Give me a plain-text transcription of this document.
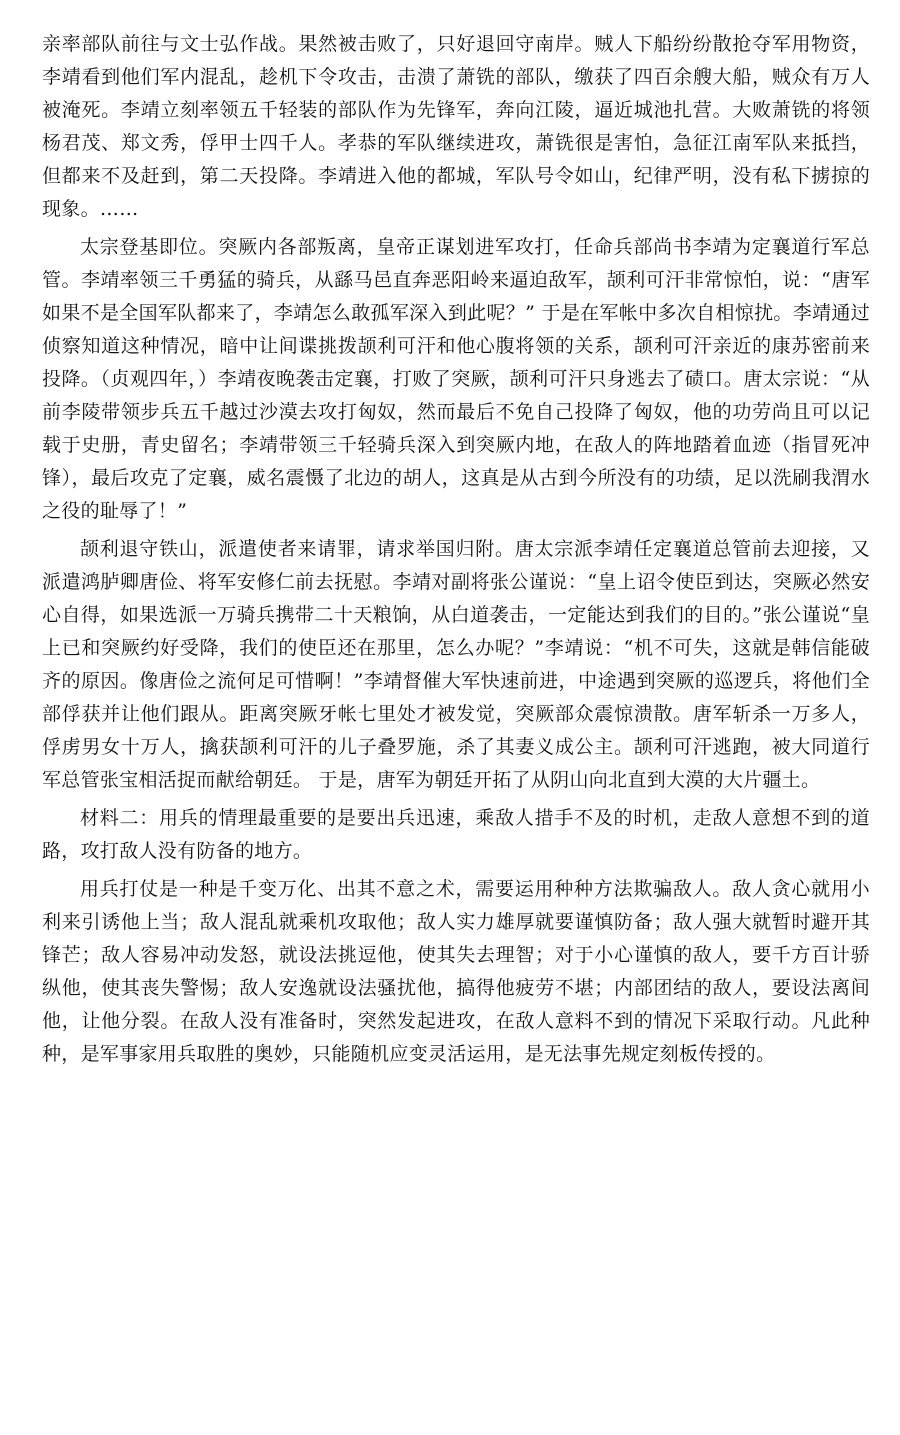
亲率部队前往与文士弘作战。果然被击败了，只好退回守南岸。贼人下船纷纷散抢夺军用物资，李靖看到他们军内混乱，趁机下令攻击，击溃了萧铣的部队，缴获了四百余艘大船，贼众有万人被淹死。李靖立刻率领五千轻装的部队作为先锋军，奔向江陵，逼近城池扎营。大败萧铣的将领杨君茂、郑文秀，俘甲士四千人。孝恭的军队继续进攻，萧铣很是害怕，急征江南军队来抵挡，但都来不及赶到，第二天投降。李靖进入他的都城，军队号令如山，纪律严明，没有私下掳掠的现象。……

太宗登基即位。突厥内各部叛离，皇帝正谋划进军攻打，任命兵部尚书李靖为定襄道行军总管。李靖率领三千勇猛的骑兵，从繇马邑直奔恶阳岭来逼迫敌军，颉利可汗非常惊怕，说：“唐军如果不是全国军队都来了，李靖怎么敢孤军深入到此呢？” 于是在军帐中多次自相惊扰。李靖通过侦察知道这种情况，暗中让间谍挑拨颉利可汗和他心腹将领的关系，颉利可汗亲近的康苏密前来投降。（贞观四年，）李靖夜晚袭击定襄，打败了突厥，颉利可汗只身逃去了碛口。唐太宗说：“从前李陵带领步兵五千越过沙漠去攻打匈奴，然而最后不免自己投降了匈奴，他的功劳尚且可以记载于史册，青史留名；李靖带领三千轻骑兵深入到突厥内地，在敌人的阵地踏着血迹（指冒死冲锋），最后攻克了定襄，威名震慑了北边的胡人，这真是从古到今所没有的功绩，足以洗刷我渭水之役的耻辱了！”

颉利退守铁山，派遣使者来请罪，请求举国归附。唐太宗派李靖任定襄道总管前去迎接，又派遣鸿胪卿唐俭、将军安修仁前去抚慰。李靖对副将张公谨说：“皇上诏令使臣到达，突厥必然安心自得，如果选派一万骑兵携带二十天粮饷，从白道袭击，一定能达到我们的目的。”张公谨说“皇上已和突厥约好受降，我们的使臣还在那里，怎么办呢？”李靖说：“机不可失，这就是韩信能破齐的原因。像唐俭之流何足可惜啊！”李靖督催大军快速前进，中途遇到突厥的巡逻兵，将他们全部俘获并让他们跟从。距离突厥牙帐七里处才被发觉，突厥部众震惊溃散。唐军斩杀一万多人，俘虏男女十万人，擒获颉利可汗的儿子叠罗施，杀了其妻义成公主。颉利可汗逃跑，被大同道行军总管张宝相活捉而献给朝廷。 于是，唐军为朝廷开拓了从阴山向北直到大漠的大片疆土。

材料二：用兵的情理最重要的是要出兵迅速，乘敌人措手不及的时机，走敌人意想不到的道路，攻打敌人没有防备的地方。

用兵打仗是一种是千变万化、出其不意之术，需要运用种种方法欺骗敌人。敌人贪心就用小利来引诱他上当；敌人混乱就乘机攻取他；敌人实力雄厚就要谨慎防备；敌人强大就暂时避开其锋芒；敌人容易冲动发怒，就设法挑逗他，使其失去理智；对于小心谨慎的敌人，要千方百计骄纵他，使其丧失警惕；敌人安逸就设法骚扰他，搞得他疲劳不堪；内部团结的敌人，要设法离间他，让他分裂。在敌人没有准备时，突然发起进攻，在敌人意料不到的情况下采取行动。凡此种种，是军事家用兵取胜的奥妙，只能随机应变灵活运用，是无法事先规定刻板传授的。
